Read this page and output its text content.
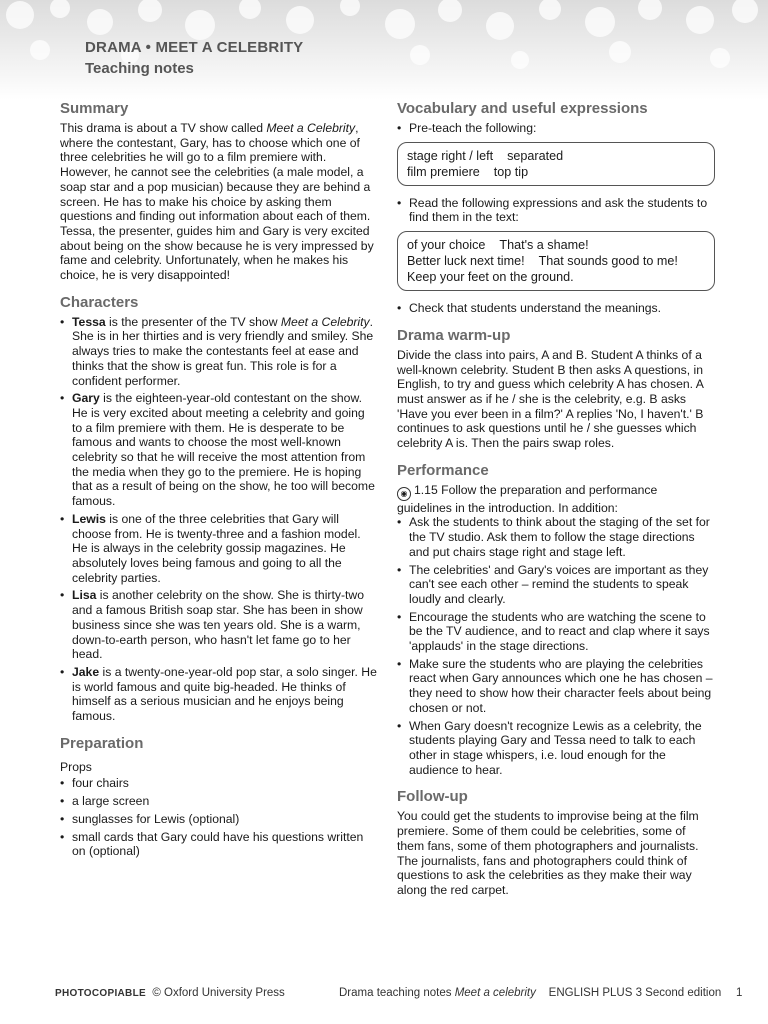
DRAMA • MEET A CELEBRITY
Teaching notes
Summary

This drama is about a TV show called Meet a Celebrity, where the contestant, Gary, has to choose which one of three celebrities he will go to a film premiere with. However, he cannot see the celebrities (a male model, a soap star and a pop musician) because they are behind a screen. He has to make his choice by asking them questions and finding out information about each of them. Tessa, the presenter, guides him and Gary is very excited about being on the show because he is very impressed by fame and celebrity. Unfortunately, when he makes his choice, he is very disappointed!

Characters
• Tessa is the presenter of the TV show Meet a Celebrity. She is in her thirties and is very friendly and smiley. She always tries to make the contestants feel at ease and thinks that the show is great fun. This role is for a confident performer.
• Gary is the eighteen-year-old contestant on the show. He is very excited about meeting a celebrity and going to a film premiere with them. He is desperate to be famous and wants to choose the most well-known celebrity so that he will receive the most attention from the media when they go to the premiere. He is hoping that as a result of being on the show, he too will become famous.
• Lewis is one of the three celebrities that Gary will choose from. He is twenty-three and a fashion model. He is always in the celebrity gossip magazines. He absolutely loves being famous and going to all the celebrity parties.
• Lisa is another celebrity on the show. She is thirty-two and a famous British soap star. She has been in show business since she was ten years old. She is a warm, down-to-earth person, who hasn't let fame go to her head.
• Jake is a twenty-one-year-old pop star, a solo singer. He is world famous and quite big-headed. He thinks of himself as a serious musician and he enjoys being famous.
Preparation

Props

• four chairs
• a large screen
• sunglasses for Lewis (optional)
• small cards that Gary could have his questions written on (optional)
Vocabulary and useful expressions
• Pre-teach the following:
stage right / left separated
film premiere top tip
• Read the following expressions and ask the students to find them in the text:
of your choice That's a shame!
Better luck next time! That sounds good to me!
Keep your feet on the ground.
• Check that students understand the meanings.
Drama warm-up

Divide the class into pairs, A and B. Student A thinks of a well-known celebrity. Student B then asks A questions, in English, to try and guess which celebrity A has chosen. A must answer as if he / she is the celebrity, e.g. B asks 'Have you ever been in a film?' A replies 'No, I haven't.' B continues to ask questions until he / she guesses which celebrity A is. Then the pairs swap roles.

Performance

◉ 1.15 Follow the preparation and performance guidelines in the introduction. In addition:

• Ask the students to think about the staging of the set for the TV studio. Ask them to follow the stage directions and put chairs stage right and stage left.
• The celebrities' and Gary's voices are important as they can't see each other – remind the students to speak loudly and clearly.
• Encourage the students who are watching the scene to be the TV audience, and to react and clap where it says 'applauds' in the stage directions.
• Make sure the students who are playing the celebrities react when Gary announces which one he has chosen – they need to show how their character feels about being chosen or not.
• When Gary doesn't recognize Lewis as a celebrity, the students playing Gary and Tessa need to talk to each other in stage whispers, i.e. loud enough for the audience to hear.
Follow-up

You could get the students to improvise being at the film premiere. Some of them could be celebrities, some of them fans, some of them photographers and journalists. The journalists, fans and photographers could think of questions to ask the celebrities as they make their way along the red carpet.

PHOTOCOPIABLE © Oxford University Press	Drama teaching notes Meet a celebrity ENGLISH PLUS 3 Second edition 1
